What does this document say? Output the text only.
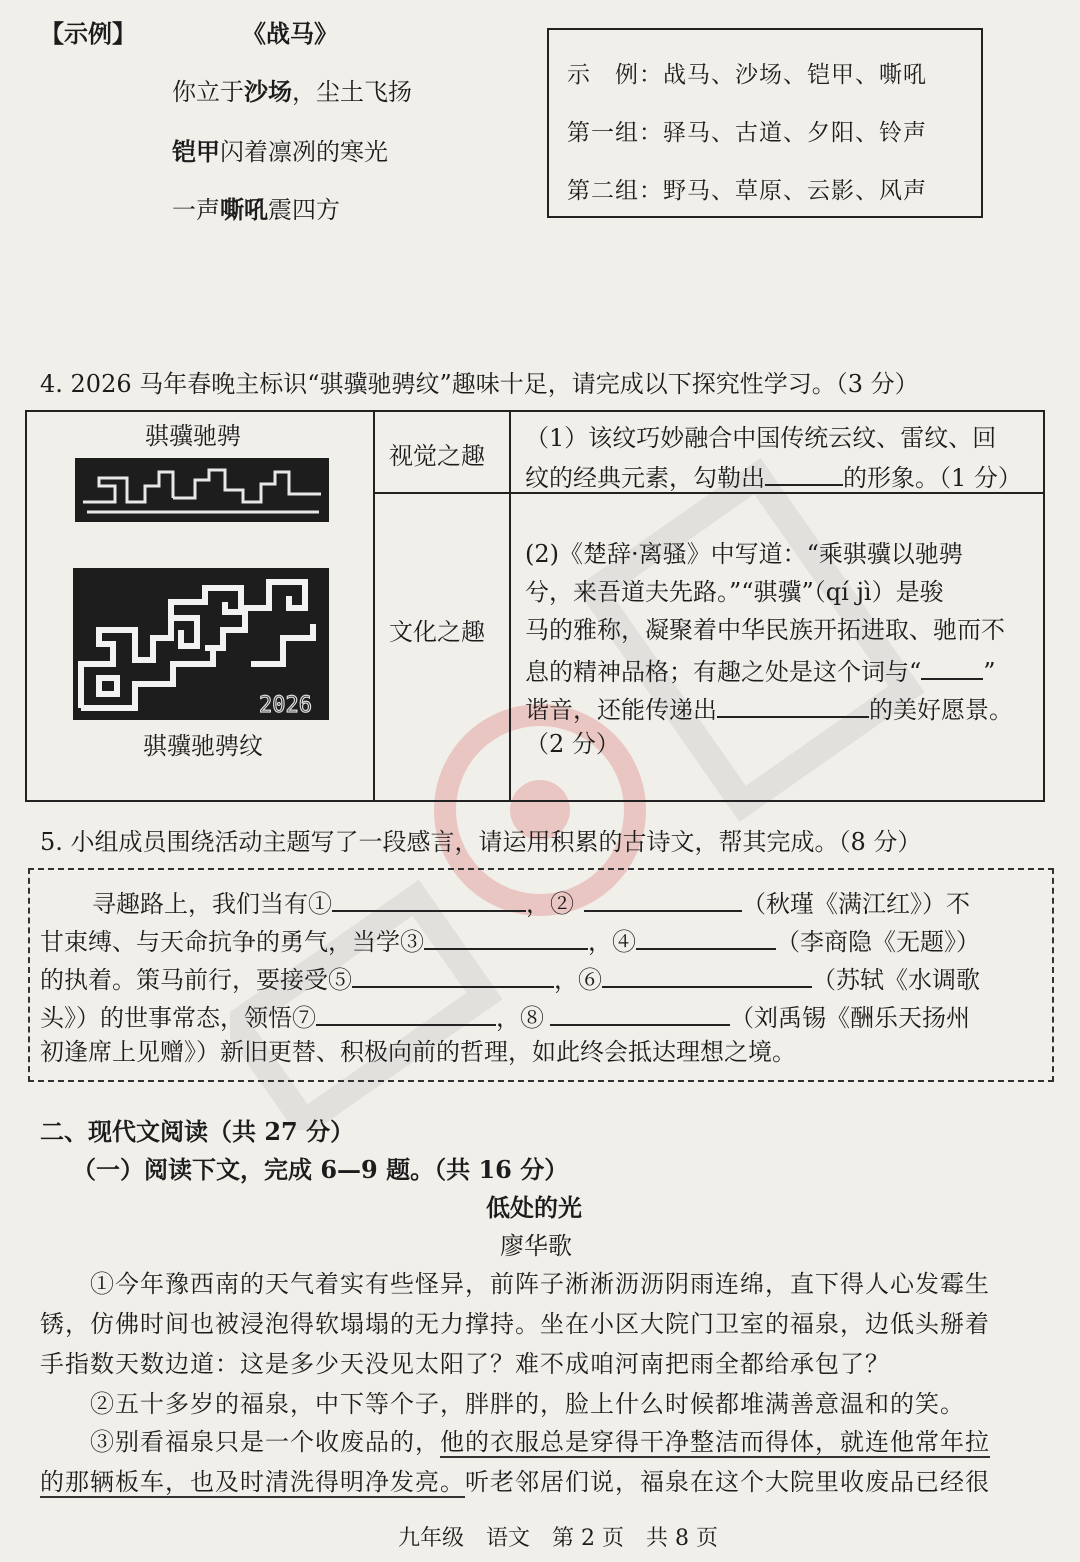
【示例】	《战马》
你立于沙场，尘土飞扬
铠甲闪着凛冽的寒光
一声嘶吼震四方
示　例：战马、沙场、铠甲、嘶吼
第一组：驿马、古道、夕阳、铃声
第二组：野马、草原、云影、风声
4. 2026 马年春晚主标识“骐骥驰骋纹”趣味十足，请完成以下探究性学习。（3 分）
骐骥驰骋
2026
骐骥驰骋纹
视觉之趣
（1）该纹巧妙融合中国传统云纹、雷纹、回
纹的经典元素，勾勒出	的形象。（1 分）
文化之趣
(2)《楚辞·离骚》中写道：“乘骐骥以驰骋
兮，来吾道夫先路。”“骐骥”（qí jì）是骏
马的雅称，凝聚着中华民族开拓进取、驰而不
息的精神品格；有趣之处是这个词与“	”
谐音，还能传递出	的美好愿景。
（2 分）
5. 小组成员围绕活动主题写了一段感言，请运用积累的古诗文，帮其完成。（8 分）
寻趣路上，我们当有①	，②	（秋瑾《满江红》）不
甘束缚、与天命抗争的勇气，当学③	，④	（李商隐《无题》）
的执着。策马前行，要接受⑤	，⑥	（苏轼《水调歌
头》）的世事常态，领悟⑦	，⑧	（刘禹锡《酬乐天扬州
初逢席上见赠》）新旧更替、积极向前的哲理，如此终会抵达理想之境。
二、现代文阅读（共 27 分）
（一）阅读下文，完成 6—9 题。（共 16 分）
低处的光
廖华歌
①今年豫西南的天气着实有些怪异，前阵子淅淅沥沥阴雨连绵，直下得人心发霉生
锈，仿佛时间也被浸泡得软塌塌的无力撑持。坐在小区大院门卫室的福泉，边低头掰着
手指数天数边道：这是多少天没见太阳了？难不成咱河南把雨全都给承包了？
②五十多岁的福泉，中下等个子，胖胖的，脸上什么时候都堆满善意温和的笑。
③别看福泉只是一个收废品的，他的衣服总是穿得干净整洁而得体，就连他常年拉
的那辆板车，也及时清洗得明净发亮。听老邻居们说，福泉在这个大院里收废品已经很
九年级　语文　第 2 页　共 8 页
